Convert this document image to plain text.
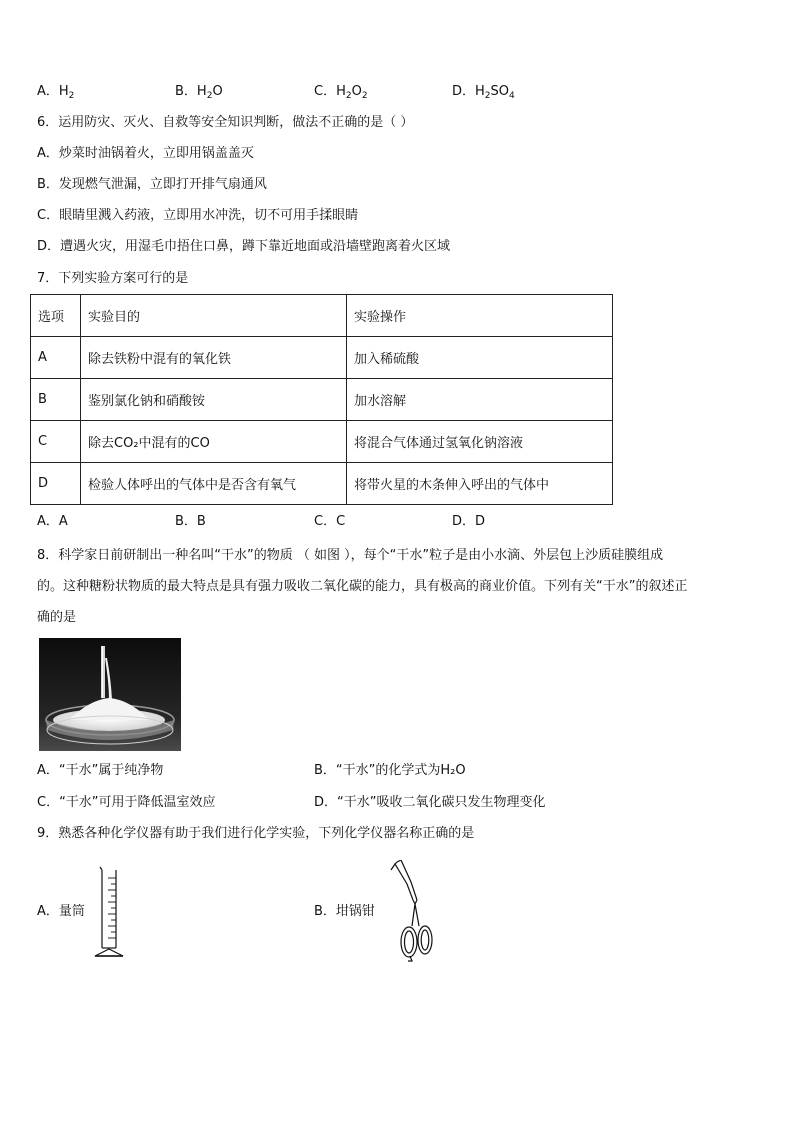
A．$H_2$	B．$H_2O$	C．$H_2O_2$	D．$H_2SO_4$
6．运用防灾、灭火、自救等安全知识判断，做法不正确的是（ ）
A．炒菜时油锅着火，立即用锅盖盖灭
B．发现燃气泄漏，立即打开排气扇通风
C．眼睛里溅入药液，立即用水冲洗，切不可用手揉眼睛
D．遭遇火灾，用湿毛巾捂住口鼻，蹲下靠近地面或沿墙壁跑离着火区域
7．下列实验方案可行的是
选项	实验目的	实验操作
A	除去铁粉中混有的氧化铁	加入稀硫酸
B	鉴别氯化钠和硝酸铵	加水溶解
C	除去CO₂中混有的CO	将混合气体通过氢氧化钠溶液
D	检验人体呼出的气体中是否含有氧气	将带火星的木条伸入呼出的气体中
A．A	B．B	C．C	D．D
8．科学家日前研制出一种名叫“干水”的物质 （ 如图 ），每个“干水”粒子是由小水滴、外层包上沙质硅膜组成
的。这种糖粉状物质的最大特点是具有强力吸收二氧化碳的能力，具有极高的商业价值。下列有关“干水”的叙述正
确的是
A．“干水”属于纯净物	B．“干水”的化学式为H₂O
C．“干水”可用于降低温室效应	D．“干水”吸收二氧化碳只发生物理变化
9．熟悉各种化学仪器有助于我们进行化学实验，下列化学仪器名称正确的是
A．量筒	B．坩锅钳
